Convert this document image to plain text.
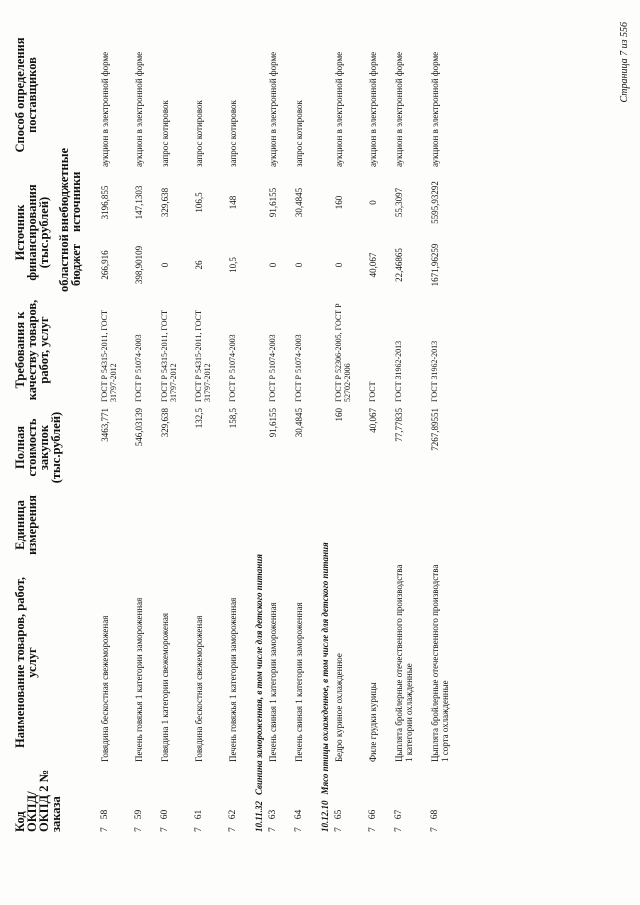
Код ОКПД/ ОКПД 2 № заказа	Наименование товаров, работ, услуг	Единица измерения	Полная стоимость закупок (тыс.рублей)	Требования к качеству товаров, работ, услуг	Источник финансирования (тыс.рублей)		Способ определения поставщиков
					областной бюджет	внебюджетные источники	

758	Говядина бескостная свежемороженая		3463,771	ГОСТ Р 54315-2011, ГОСТ 31797-2012	266,916	3196,855	аукцион в электронной форме

759	Печень говяжья 1 категории замороженная		546,03139	ГОСТ Р 51074-2003	398,90109	147,1303	аукцион в электронной форме

760	Говядина 1 категории свежемороженая		329,638	ГОСТ Р 54315-2011, ГОСТ 31797-2012	0	329,638	запрос котировок

761	Говядина бескостная свежемороженая		132,5	ГОСТ Р 54315-2011, ГОСТ 31797-2012	26	106,5	запрос котировок

762	Печень говяжья 1 категории замороженная		158,5	ГОСТ Р 51074-2003	10,5	148	запрос котировок

10.11.32Свинина замороженная, в том числе для детского питания							
763	Печень свиная 1 категории замороженная		91,6155	ГОСТ Р 51074-2003	0	91,6155	аукцион в электронной форме

764	Печень свиная 1 категории замороженная		30,4845	ГОСТ Р 51074-2003	0	30,4845	запрос котировок

10.12.10Мясо птицы охлажденное, в том числе для детского питания							
765	Бедро куриное охлажденное		160	ГОСТ Р 52306-2005, ГОСТ Р 52702-2006	0	160	аукцион в электронной форме

766	Филе грудки курицы		40,067	ГОСТ	40,067	0	аукцион в электронной форме

767	Цыплята бройлерные отечественного производства 1 категории охлажденные		77,77835	ГОСТ 31962-2013	22,46865	55,3097	аукцион в электронной форме

768	Цыплята бройлерные отечественного производства 1 сорта охлажденные		7267,89551	ГОСТ 31962-2013	1671,96259	5595,93292	аукцион в электронной форме	Страница 7 из 556
